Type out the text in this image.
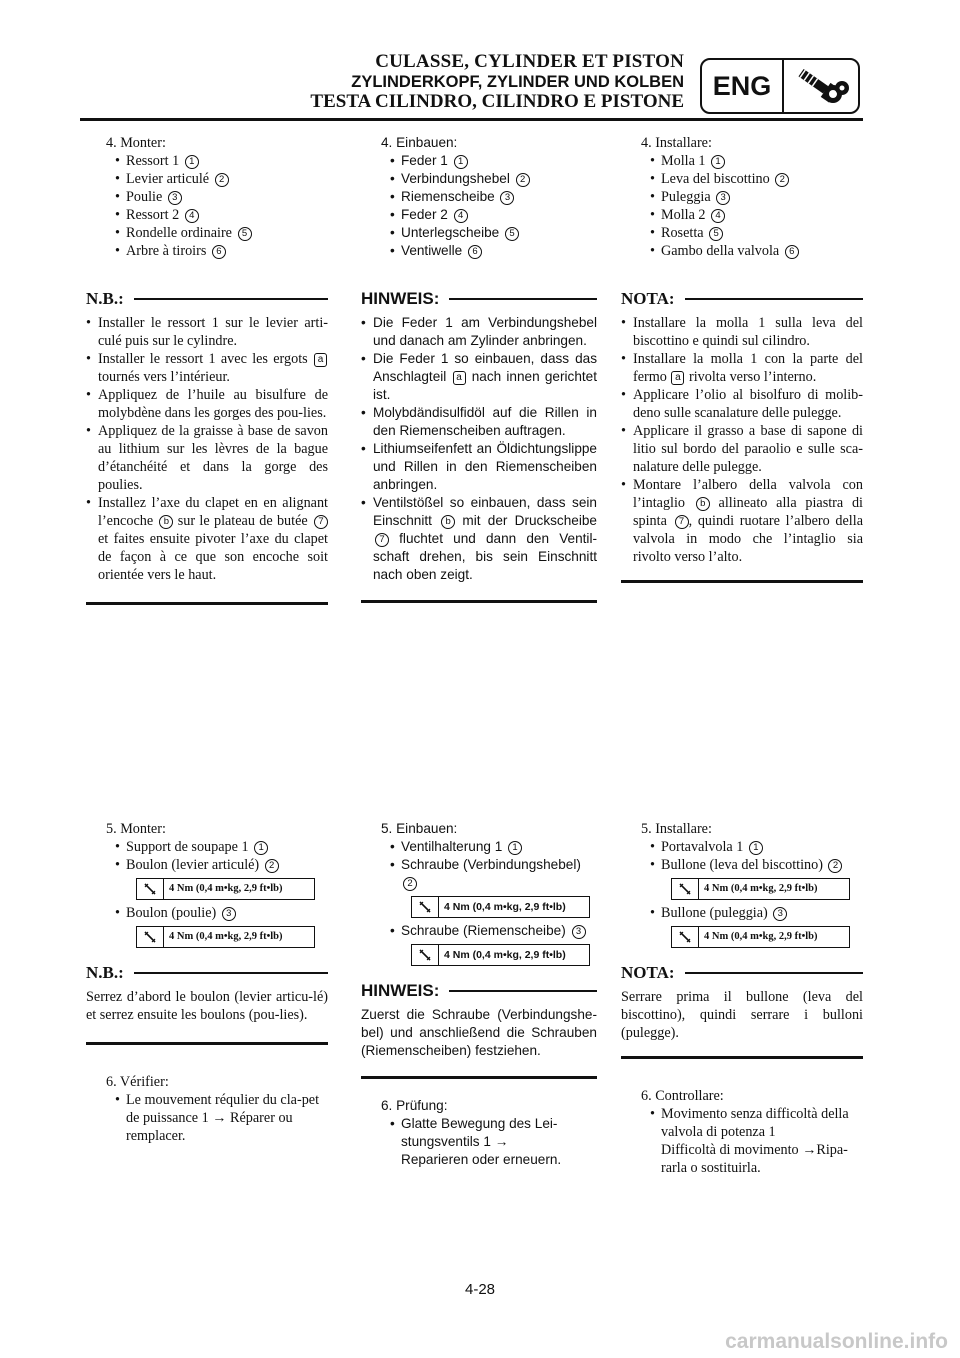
CULASSE, CYLINDER ET PISTON
ZYLINDERKOPF, ZYLINDER UND KOLBEN
TESTA CILINDRO, CILINDRO E PISTONE
ENG

4. Monter:

• Ressort 1 1

• Levier articulé 2

• Poulie 3

• Ressort 2 4

• Rondelle ordinaire 5

• Arbre à tiroirs 6

N.B.:

• Installer le ressort 1 sur le levier arti-culé puis sur le cylindre.

• Installer le ressort 1 avec les ergots a tournés vers l’intérieur.

• Appliquez de l’huile au bisulfure de molybdène dans les gorges des pou-lies.

• Appliquez de la graisse à base de savon au lithium sur les lèvres de la bague d’étanchéité et dans la gorge des poulies.

• Installez l’axe du clapet en en alignant l’encoche b sur le plateau de butée 7 et faites ensuite pivoter l’axe du clapet de façon à ce que son encoche soit orientée vers le haut.

4. Einbauen:

• Feder 1 1

• Verbindungshebel 2

• Riemenscheibe 3

• Feder 2 4

• Unterlegscheibe 5

• Ventiwelle 6

HINWEIS:

• Die Feder 1 am Verbindungshebel und danach am Zylinder anbringen.

• Die Feder 1 so einbauen, dass das Anschlagteil a nach innen gerichtet ist.

• Molybdändisulfidöl auf die Rillen in den Riemenscheiben auftragen.

• Lithiumseifenfett an Öldichtungslippe und Rillen in den Riemenscheiben anbringen.

• Ventilstößel so einbauen, dass sein Einschnitt b mit der Druckscheibe 7 fluchtet und dann den Ventil-schaft drehen, bis sein Einschnitt nach oben zeigt.

4. Installare:

• Molla 1 1

• Leva del biscottino 2

• Puleggia 3

• Molla 2 4

• Rosetta 5

• Gambo della valvola 6

NOTA:

• Installare la molla 1 sulla leva del biscottino e quindi sul cilindro.

• Installare la molla 1 con la parte del fermo a rivolta verso l’interno.

• Applicare l’olio al bisolfuro di molib-deno sulle scanalature delle pulegge.

• Applicare il grasso a base di sapone di litio sul bordo del paraolio e sulle sca-nalature delle pulegge.

• Montare l’albero della valvola con l’intaglio b allineato alla piastra di spinta 7 , quindi ruotare l’albero della valvola in modo che l’intaglio sia rivolto verso l’alto.

5. Monter:

• Support de soupape 1 1

• Boulon (levier articulé) 2

4 Nm (0,4 m•kg, 2,9 ft•lb)

• Boulon (poulie) 3

4 Nm (0,4 m•kg, 2,9 ft•lb)
N.B.:

Serrez d’abord le boulon (levier articu-lé) et serrez ensuite les boulons (pou-lies).

6. Vérifier:

• Le mouvement réqulier du cla-pet de puissance 1 → Réparer ou remplacer.

5. Einbauen:

• Ventilhalterung 1 1

• Schraube (Verbindungshebel) 2

4 Nm (0,4 m•kg, 2,9 ft•lb)

• Schraube (Riemenscheibe) 3

4 Nm (0,4 m•kg, 2,9 ft•lb)
HINWEIS:

Zuerst die Schraube (Verbindungshe-bel) und anschließend die Schrauben (Riemenscheiben) festziehen.

6. Prüfung:

• Glatte Bewegung des Lei-stungsventils 1 →

Reparieren oder erneuern.

5. Installare:

• Portavalvola 1 1

• Bullone (leva del biscottino) 2

4 Nm (0,4 m•kg, 2,9 ft•lb)

• Bullone (puleggia) 3

4 Nm (0,4 m•kg, 2,9 ft•lb)
NOTA:

Serrare prima il bullone (leva del biscottino), quindi serrare i bulloni (pulegge).

6. Controllare:

• Movimento senza difficoltà della valvola di potenza 1

Difficoltà di movimento →Ripa-rarla o sostituirla.

4-28
carmanualsonline.info
